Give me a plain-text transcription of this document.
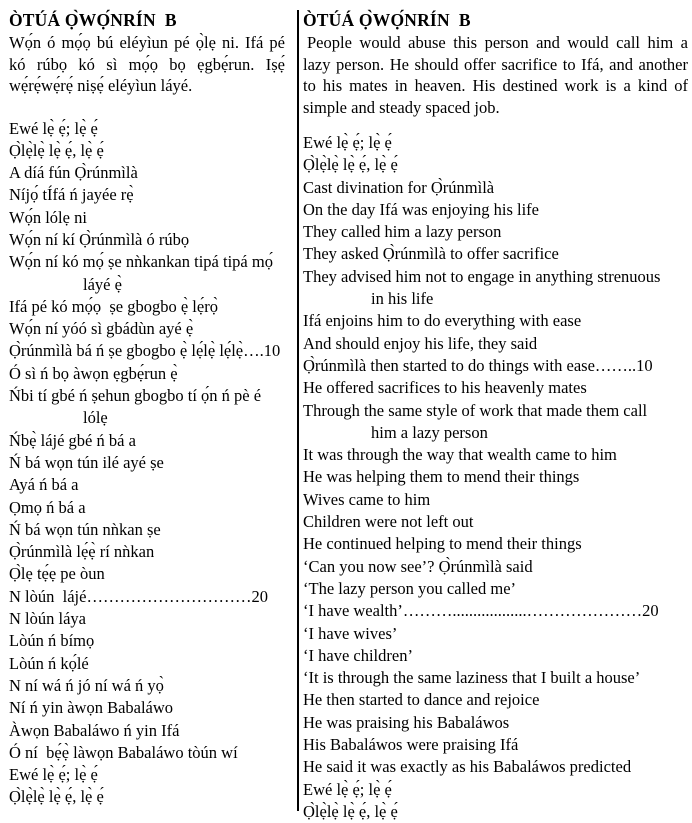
ÒTÚÁ Ọ̀WỌ́NRÍN  B

Wọ́n ó mọ́ọ bú eléyìun pé ọ̀lẹ ni. Ifá pé kó rúbọ kó sì mọ́ọ bọ ẹgbẹ́run. Iṣẹ́ wẹ́rẹ́wẹ́rẹ́ niṣẹ́ eléyìun láyé.

Ewé lẹ̀ ẹ́; lẹ̀ ẹ́
Ọ̀lẹ̀lẹ̀ lẹ̀ ẹ́, lẹ̀ ẹ́
A díá fún Ọ̀rúnmìlà
Níjọ́ tÍfá ń jayée rẹ̀
Wọ́n lólẹ ni
Wọ́n ní kí Ọ̀rúnmìlà ó rúbọ
Wọ́n ní kó mọ́ ṣe nǹkankan tipá tipá mọ́
láyé ẹ̀
Ifá pé kó mọ́ọ  ṣe gbogbo ẹ̀ lẹ́rọ̀
Wọ́n ní yóó sì gbádùn ayé ẹ̀
Ọ̀rúnmìlà bá ń ṣe gbogbo ẹ̀ lẹ́lẹ̀ lẹ́lẹ̀….10
Ó sì ń bọ àwọn ẹgbẹ́run ẹ̀
Ńbi tí gbé ń ṣehun gbogbo tí ọ́n ń pè é
lólẹ
Ńbẹ̀ lájé gbé ń bá a
Ń bá wọn tún ilé ayé ṣe
Ayá ń bá a
Ọmọ ń bá a
Ń bá wọn tún nǹkan ṣe
Ọ̀rúnmìlà lẹ́ẹ̀ rí nǹkan
Ọ̀lẹ tẹ́ẹ pe òun
N lòún  lájé…………………………20
N lòún láya
Lòún ń bímọ
Lòún ń kọ́lé
N ní wá ń jó ní wá ń yọ̀
Ní ń yin àwọn Babaláwo
Àwọn Babaláwo ń yin Ifá
Ó ní  bẹ́ẹ̀ làwọn Babaláwo tòún wí
Ewé lẹ̀ ẹ́; lẹ̀ ẹ́
Ọ̀lẹ̀lẹ̀ lẹ̀ ẹ́, lẹ̀ ẹ́
ÒTÚÁ Ọ̀WỌ́NRÍN  B

People would abuse this person and would call him a lazy person. He should offer sacrifice to Ifá, and another to his mates in heaven. His destined work is a kind of simple and steady spaced job.

Ewé lẹ̀ ẹ́; lẹ̀ ẹ́
Ọ̀lẹ̀lẹ̀ lẹ̀ ẹ́, lẹ̀ ẹ́
Cast divination for Ọ̀rúnmìlà
On the day Ifá was enjoying his life
They called him a lazy person
They asked Ọ̀rúnmìlà to offer sacrifice
They advised him not to engage in anything strenuous
in his life
Ifá enjoins him to do everything with ease
And should enjoy his life, they said
Ọ̀rúnmìlà then started to do things with ease……..10
He offered sacrifices to his heavenly mates
Through the same style of work that made them call
him a lazy person
It was through the way that wealth came to him
He was helping them to mend their things
Wives came to him
Children were not left out
He continued helping to mend their things
‘Can you now see’? Ọ̀rúnmìlà said
‘The lazy person you called me’
‘I have wealth’………..................…………………20
‘I have wives’
‘I have children’
‘It is through the same laziness that I built a house’
He then started to dance and rejoice
He was praising his Babaláwos
His Babaláwos were praising Ifá
He said it was exactly as his Babaláwos predicted
Ewé lẹ̀ ẹ́; lẹ̀ ẹ́
Ọ̀lẹ̀lẹ̀ lẹ̀ ẹ́, lẹ̀ ẹ́
